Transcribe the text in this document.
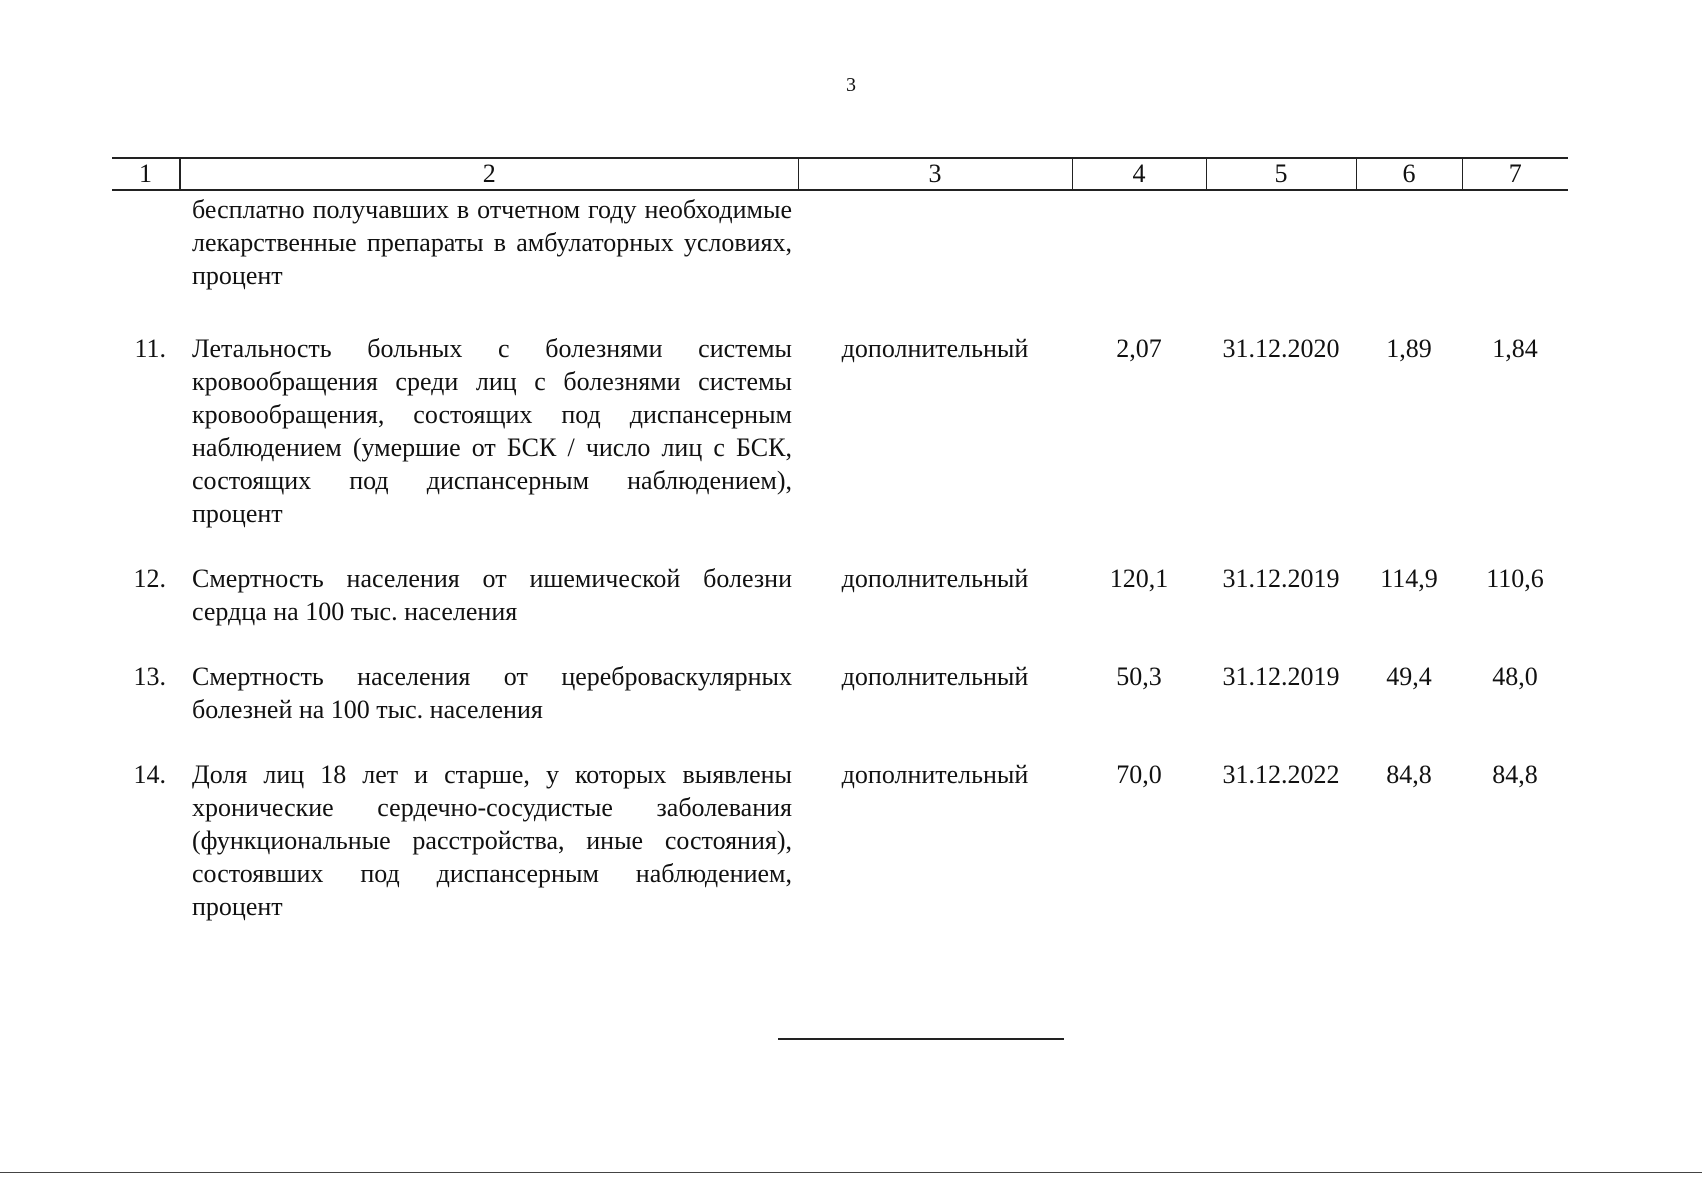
3
1	2	3	4	5	6	7
	бесплатно получавших в отчетном году необходимые лекарственные препараты в амбулаторных условиях, процент					
11.	Летальность больных с болезнями системы кровообращения среди лиц с болезнями системы кровообращения, состоящих под диспансерным наблюдением (умершие от БСК / число лиц с БСК, состоящих под диспансерным наблюдением), процент	дополнительный	2,07	31.12.2020	1,89	1,84
12.	Смертность населения от ишемической болезни сердца на 100 тыс. населения	дополнительный	120,1	31.12.2019	114,9	110,6
13.	Смертность населения от цереброваскулярных болезней на 100 тыс. населения	дополнительный	50,3	31.12.2019	49,4	48,0
14.	Доля лиц 18 лет и старше, у которых выявлены хронические сердечно-сосудистые заболевания (функциональные расстройства, иные состояния), состоявших под диспансерным наблюдением, процент	дополнительный	70,0	31.12.2022	84,8	84,8
